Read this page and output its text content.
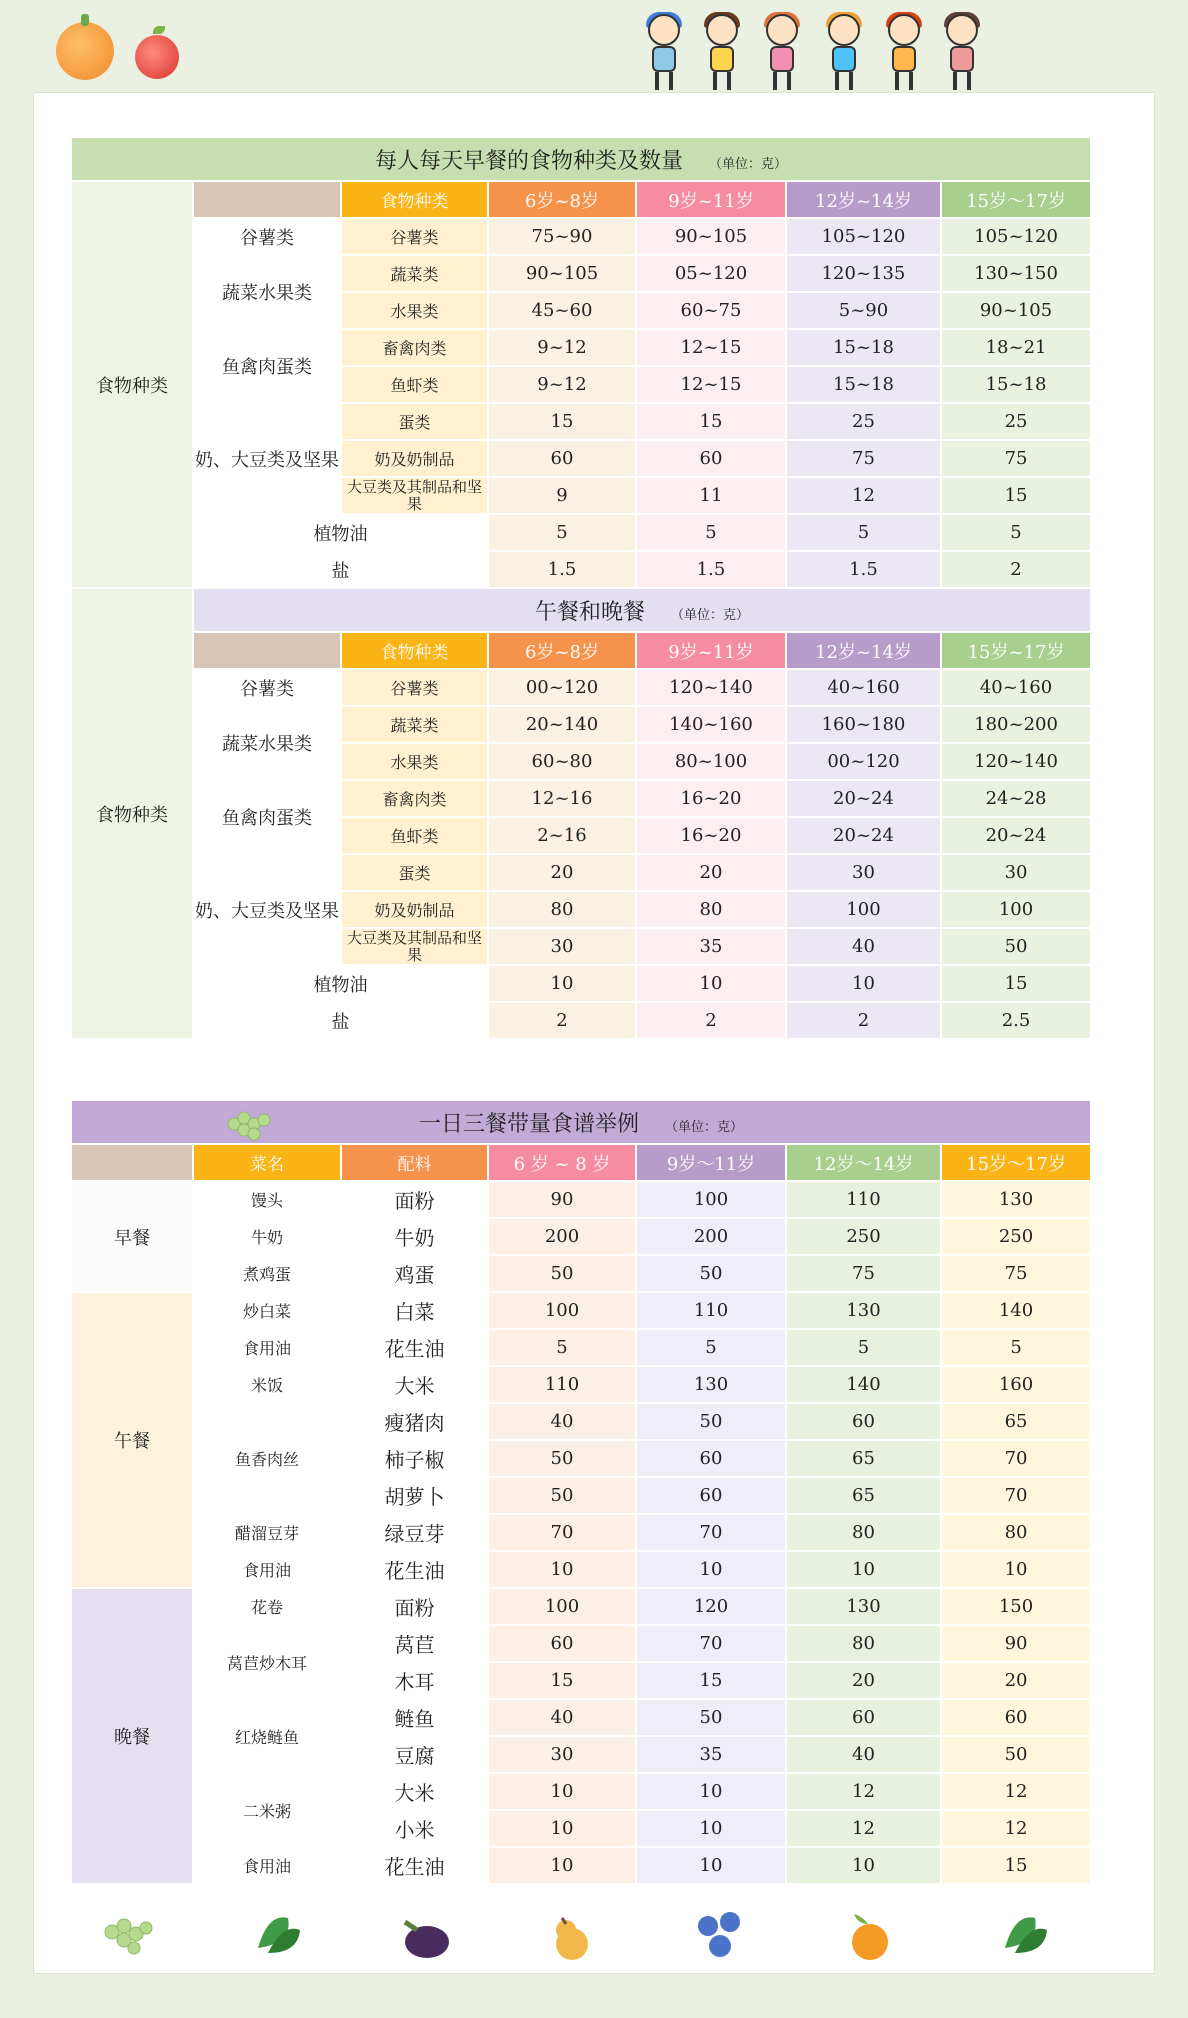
每人每天早餐的食物种类及数量 （单位：克）						
食物种类		食物种类	6岁~8岁	9岁~11岁	12岁~14岁	15岁～17岁
	谷薯类	谷薯类	75~90	90~105	105~120	105~120
	蔬菜水果类	蔬菜类	90~105	05~120	120~135	130~150
		水果类	45~60	60~75	5~90	90~105
	鱼禽肉蛋类	畜禽肉类	9~12	12~15	15~18	18~21
		鱼虾类	9~12	12~15	15~18	15~18
	奶、大豆类及坚果	蛋类	15	15	25	25
		奶及奶制品	60	60	75	75
		大豆类及其制品和坚果	9	11	12	15
	植物油		5	5	5	5
	盐		1.5	1.5	1.5	2
食物种类	午餐和晚餐 （单位：克）					
		食物种类	6岁~8岁	9岁~11岁	12岁~14岁	15岁~17岁
	谷薯类	谷薯类	00~120	120~140	40~160	40~160
	蔬菜水果类	蔬菜类	20~140	140~160	160~180	180~200
		水果类	60~80	80~100	00~120	120~140
	鱼禽肉蛋类	畜禽肉类	12~16	16~20	20~24	24~28
		鱼虾类	2~16	16~20	20~24	20~24
	奶、大豆类及坚果	蛋类	20	20	30	30
		奶及奶制品	80	80	100	100
		大豆类及其制品和坚果	30	35	40	50
	植物油		10	10	10	15
	盐		2	2	2	2.5
一日三餐带量食谱举例 （单位：克）						
	菜名	配料	6 岁 ~ 8 岁	9岁～11岁	12岁～14岁	15岁～17岁
早餐	馒头	面粉	90	100	110	130
	牛奶	牛奶	200	200	250	250
	煮鸡蛋	鸡蛋	50	50	75	75
午餐	炒白菜	白菜	100	110	130	140
	食用油	花生油	5	5	5	5
	米饭	大米	110	130	140	160
	鱼香肉丝	瘦猪肉	40	50	60	65
		柿子椒	50	60	65	70
		胡萝卜	50	60	65	70
	醋溜豆芽	绿豆芽	70	70	80	80
	食用油	花生油	10	10	10	10
晚餐	花卷	面粉	100	120	130	150
	莴苣炒木耳	莴苣	60	70	80	90
		木耳	15	15	20	20
	红烧鲢鱼	鲢鱼	40	50	60	60
		豆腐	30	35	40	50
	二米粥	大米	10	10	12	12
		小米	10	10	12	12
	食用油	花生油	10	10	10	15
